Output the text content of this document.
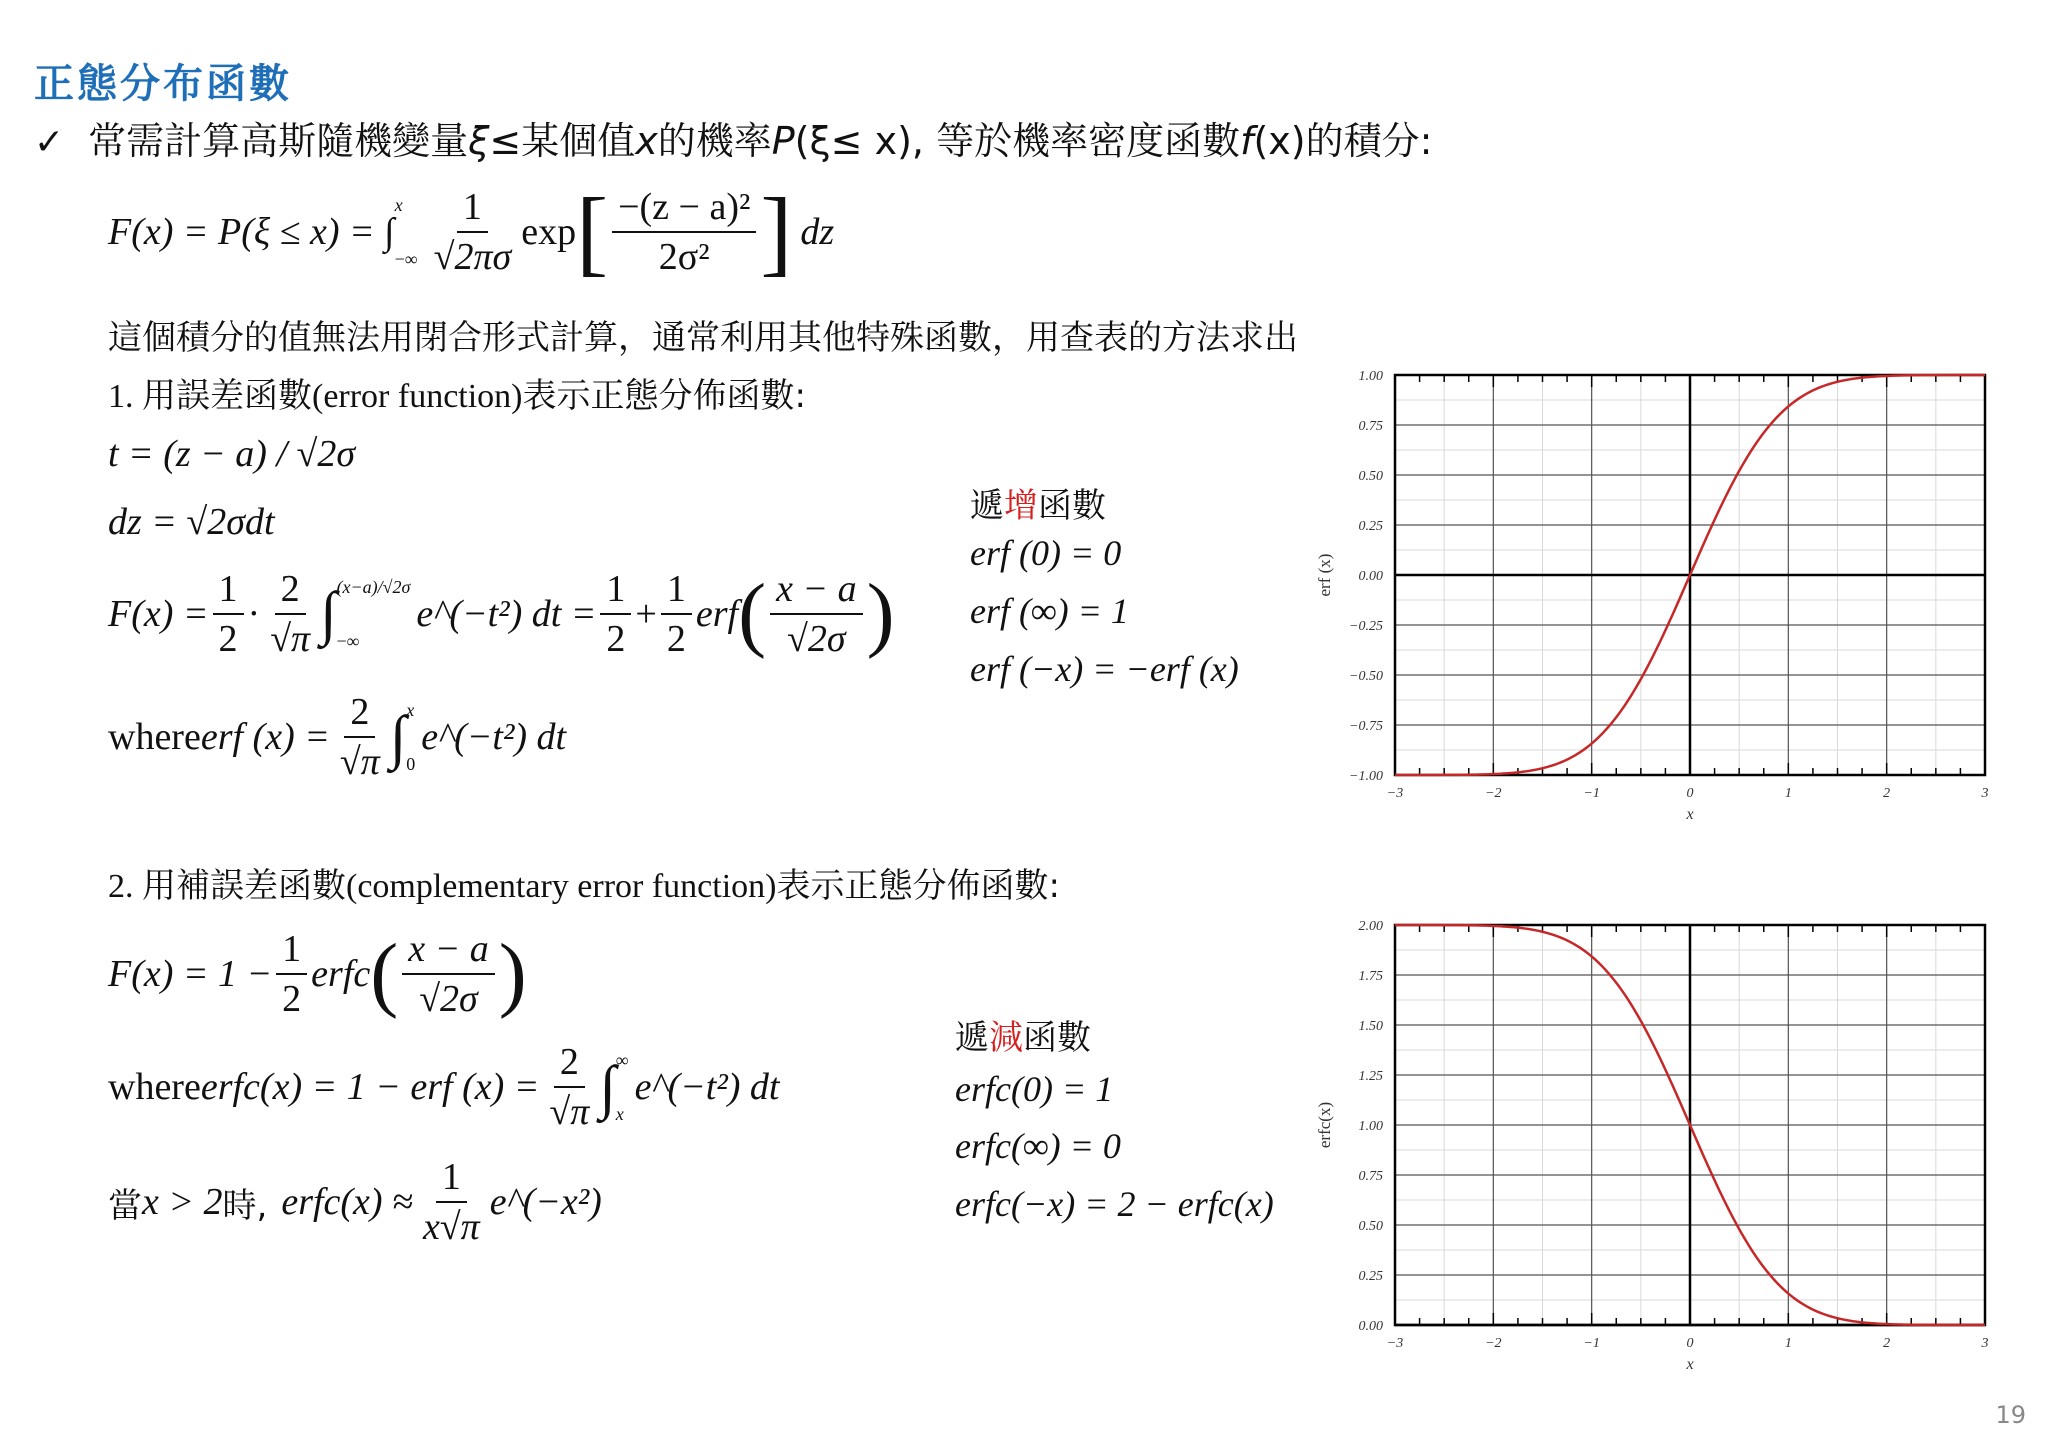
正態分布函數
✓ 常需計算高斯隨機變量ξ≤某個值x的機率P(ξ≤ x), 等於機率密度函數f(x)的積分:
F(x) = P(ξ ≤ x) = ∫
x
−∞ $\frac{1}{√2\pi\sigma}$ exp [ $\frac{\text{−(z − a)²}}{\text{2σ²}}$ ] dz
這個積分的值無法用閉合形式計算，通常利用其他特殊函數，用查表的方法求出
1. 用誤差函數(error function)表示正態分佈函數:
t = (z − a) / √2σ
dz = √2σdt
$F(x) = \frac{1}{2} \cdot \frac{2}{√\pi}$ ∫ (x−a)/√2σ
−∞
e^(−t²) dt = $\frac{1}{2} + \frac{1}{2}$ erf ( $\frac{x - a}{√2\sigma}$ )
where erf $(x) = \frac{2}{√\pi}$ ∫ x
0
e^(−t²) dt
遞增函數
erf (0) = 0
erf (∞) = 1
erf (−x) = −erf (x)
1.00
0.75
0.50
0.25
0.00
−0.25
−0.50
−0.75
−1.00
−3	−2	−1	0	1	2	3
x
erf (x)
2. 用補誤差函數(complementary error function)表示正態分佈函數:
$F(x) = 1 - \frac{1}{2}$ erfc ( $\frac{x - a}{√2\sigma}$ )
where erfc(x) = 1 − erf $(x) = \frac{2}{√\pi}$ ∫ ∞
x
e^(−t²) dt
當 x > 2 時, erfc(x) ≈ $\frac{1}{x√\pi}$ e^(−x²)
遞減函數
erfc(0) = 1
erfc(∞) = 0
erfc(−x) = 2 − erfc(x)
2.00
1.75
1.50
1.25
1.00
0.75
0.50
0.25
0.00
−3	−2	−1	0	1	2	3
x
erfc(x)
19
